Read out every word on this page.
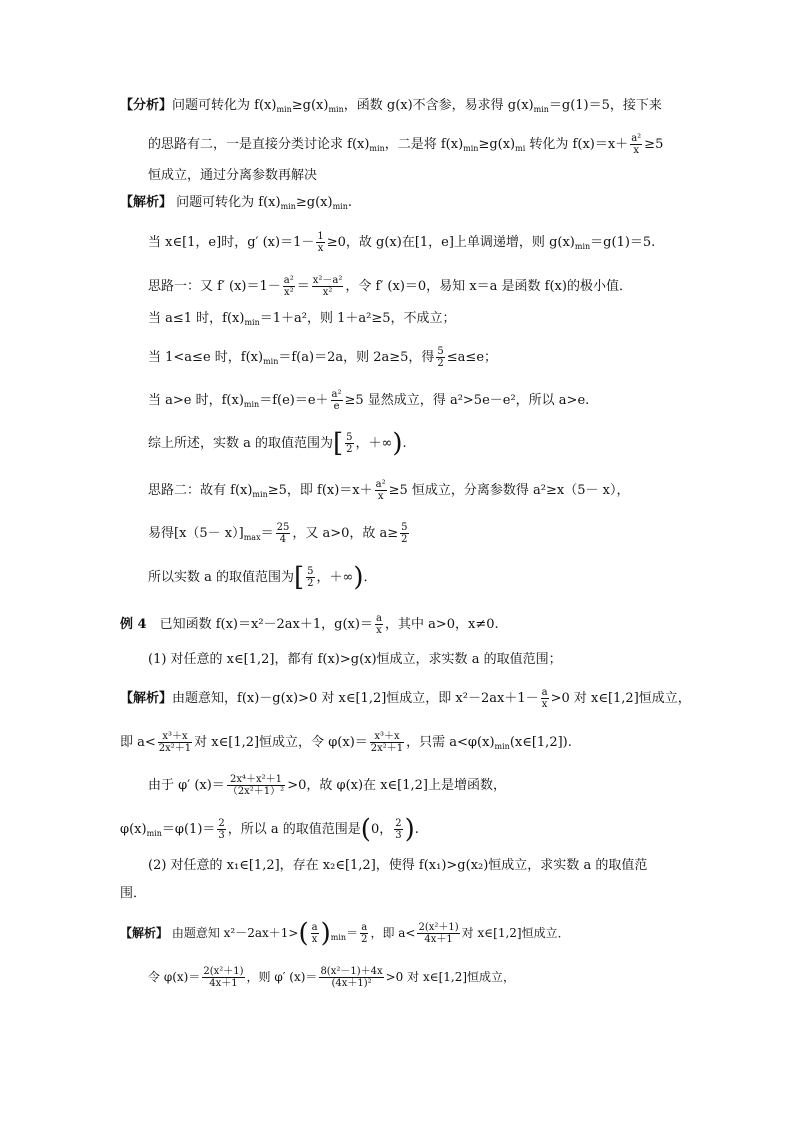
【分析】问题可转化为 $f(x)_{min}\ge g(x)_{min}$，函数 g(x)不含参，易求得 $g(x)_{min}=g(1)=5$，接下来
的思路有二，一是直接分类讨论求 $f(x)_{min}$，二是将 $f(x)_{min}\ge g(x)_{mi}$ 转化为 $f(x)=x+ \frac{\text{a²}}{x} \ge 5$
恒成立，通过分离参数再解决
【解析】 问题可转化为 $f(x)_{min}\ge g(x)_{min}$.
当 x∈[1，e]时，g′ $(x)=1- \frac{1}{x} \ge 0$，故 g(x)在[1，e]上单调递增，则 $g(x)_{min}=g(1)=5$.
思路一：又 f′ $(x)=1- \frac{\text{a²}}{\text{x²}} = \frac{\text{x²－a²}}{\text{x²}}$ ，令 f′ (x)＝0，易知 x＝a 是函数 f(x)的极小值．
当 a≤1 时，$f(x)_{min}=1+a^2$，则 1＋a²≥5，不成立；
当 1<a≤e 时，$f(x)_{min}=f(a)=2a$，则 2a≥5，得 $\frac{5}{2} \le a\le e$；
当 a>e 时，$f(x)_{min}=f(e)=e+ \frac{\text{a²}}{e} \ge 5$ 显然成立，得 a²>5e－e²，所以 a>e.
综上所述，实数 a 的取值范围为[ $\frac{5}{2}$ ，＋∞).
思路二：故有 $f(x)_{min}\ge 5$，即 $f(x)=x+ \frac{\text{a²}}{x} \ge 5$ 恒成立，分离参数得 a²≥x（5－ x），
易得$[x(5- x)]_{max}= \frac{25}{4}$ ，又 a>0，故 $a\ge \frac{5}{2}$
所以实数 a 的取值范围为[ $\frac{5}{2}$ ，＋∞)．
例 4　已知函数 f(x)＝x²－2ax＋1，$g(x)= \frac{a}{x}$ ，其中 a>0，x≠0.
(1) 对任意的 x∈[1,2]，都有 f(x)>g(x)恒成立，求实数 a 的取值范围；
【解析】由题意知，f(x)－g(x)>0 对 x∈[1,2]恒成立，即 $x^2-2ax+1- \frac{a}{x} >0$ 对 x∈[1,2]恒成立，
即 $a< \frac{\text{x³＋x}}{\text{2x²＋1}}$ 对 x∈[1,2]恒成立，令 $\varphi(x)= \frac{\text{x³＋x}}{\text{2x²＋1}}$ ，只需 $a<\varphi(x)_{min}(x\in[1,2])$.
由于 φ′ $(x)= \frac{\text{2x⁴＋x²＋1}}{\text{（2x²＋1）²}} >0$，故 φ(x)在 x∈[1,2]上是增函数，
$\varphi(x)_{min}=\varphi(1)= \frac{2}{3}$ ，所以 a 的取值范围是(0， $\frac{2}{3}$ ).
(2) 对任意的 x₁∈[1,2]，存在 x₂∈[1,2]，使得 f(x₁)>g(x₂)恒成立，求实数 a 的取值范
围．
【解析】 由题意知 $x^2-2ax+1>( \frac{a}{x} )_{min}= \frac{a}{2}$ ，即 $a< \frac{\text{2(x²＋1)}}{4x+1}$ 对 x∈[1,2]恒成立．
令 $\varphi(x)= \frac{\text{2(x²＋1)}}{4x+1}$ ，则 φ′ $(x)= \frac{\text{8(x²－1)＋4x}}{\text{(4x＋1)²}} >0$ 对 x∈[1,2]恒成立，
